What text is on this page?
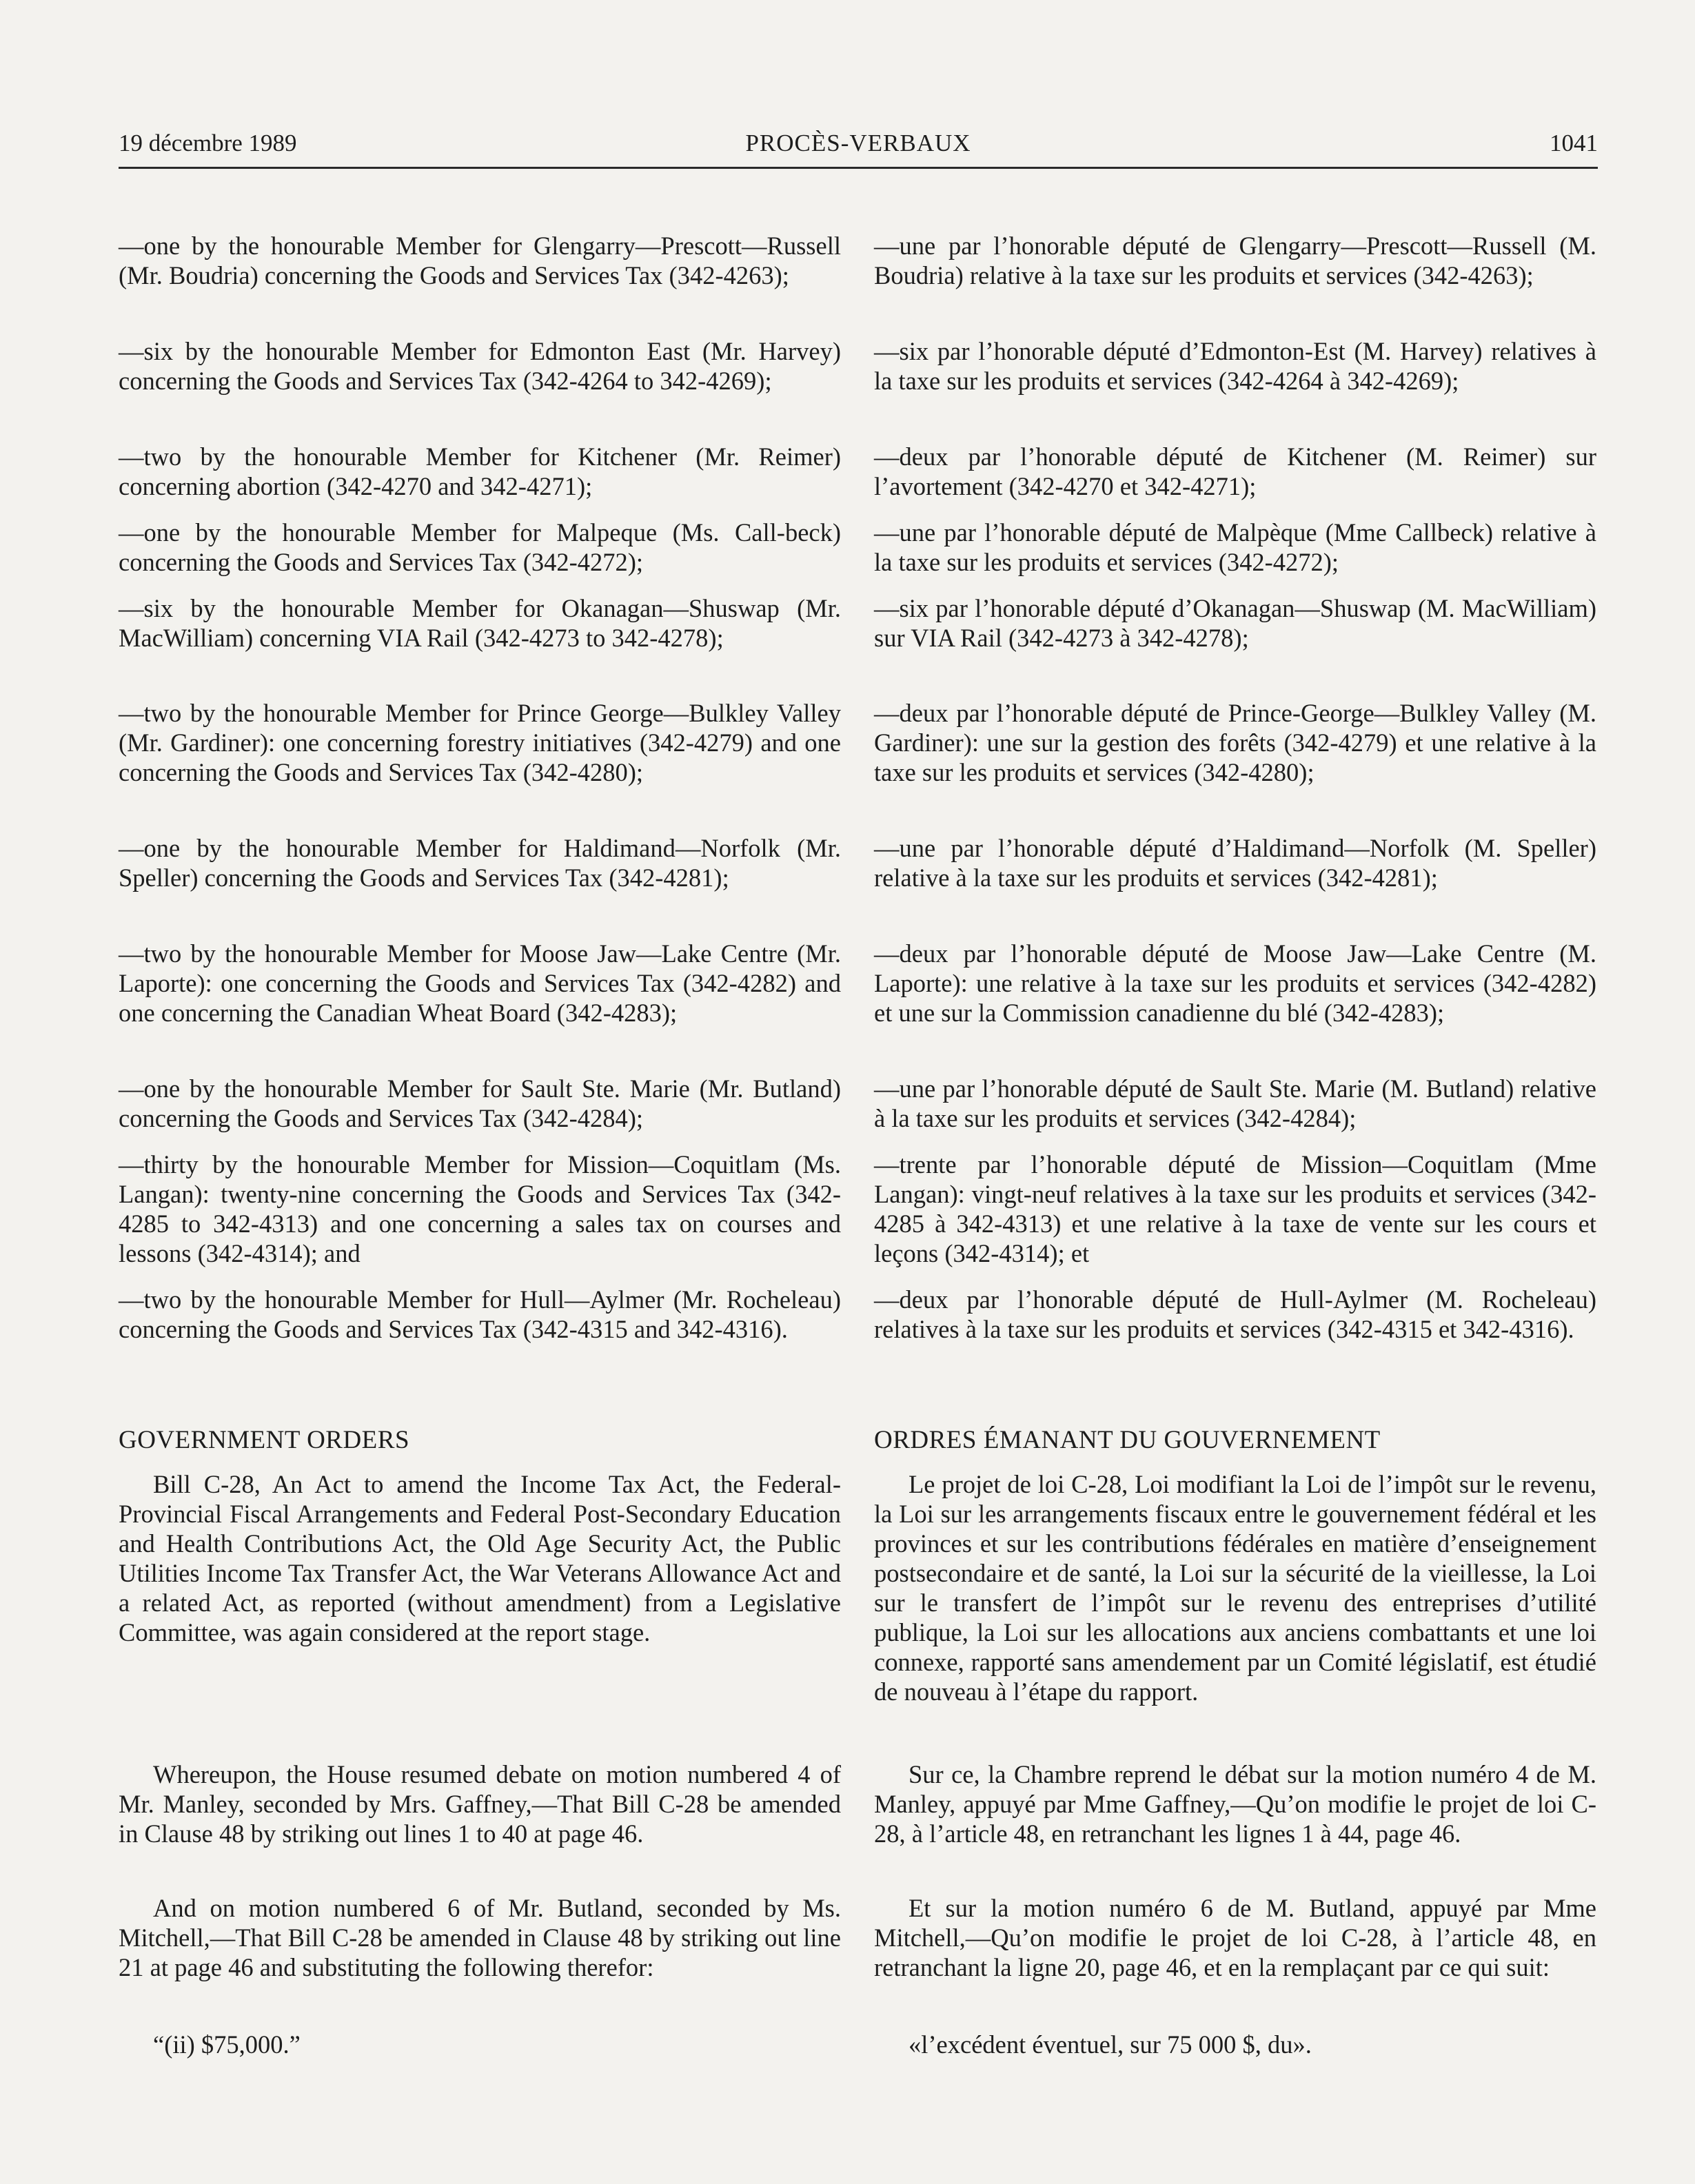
19 décembre 1989	PROCÈS-VERBAUX	1041

—one by the honourable Member for Glengarry—Prescott—Russell (Mr. Boudria) concerning the Goods and Services Tax (342-4263);

—six by the honourable Member for Edmonton East (Mr. Harvey) concerning the Goods and Services Tax (342-4264 to 342-4269);

—two by the honourable Member for Kitchener (Mr. Reimer) concerning abortion (342-4270 and 342-4271);

—one by the honourable Member for Malpeque (Ms. Call-beck) concerning the Goods and Services Tax (342-4272);

—six by the honourable Member for Okanagan—Shuswap (Mr. MacWilliam) concerning VIA Rail (342-4273 to 342-4278);

—two by the honourable Member for Prince George—Bulkley Valley (Mr. Gardiner): one concerning forestry initiatives (342-4279) and one concerning the Goods and Services Tax (342-4280);

—one by the honourable Member for Haldimand—Norfolk (Mr. Speller) concerning the Goods and Services Tax (342-4281);

—two by the honourable Member for Moose Jaw—Lake Centre (Mr. Laporte): one concerning the Goods and Services Tax (342-4282) and one concerning the Canadian Wheat Board (342-4283);

—one by the honourable Member for Sault Ste. Marie (Mr. Butland) concerning the Goods and Services Tax (342-4284);

—thirty by the honourable Member for Mission—Coquitlam (Ms. Langan): twenty-nine concerning the Goods and Services Tax (342-4285 to 342-4313) and one concerning a sales tax on courses and lessons (342-4314); and

—two by the honourable Member for Hull—Aylmer (Mr. Rocheleau) concerning the Goods and Services Tax (342-4315 and 342-4316).

GOVERNMENT ORDERS

Bill C-28, An Act to amend the Income Tax Act, the Federal-Provincial Fiscal Arrangements and Federal Post-Secondary Education and Health Contributions Act, the Old Age Security Act, the Public Utilities Income Tax Transfer Act, the War Veterans Allowance Act and a related Act, as reported (without amendment) from a Legislative Committee, was again considered at the report stage.

Whereupon, the House resumed debate on motion numbered 4 of Mr. Manley, seconded by Mrs. Gaffney,—That Bill C-28 be amended in Clause 48 by striking out lines 1 to 40 at page 46.

And on motion numbered 6 of Mr. Butland, seconded by Ms. Mitchell,—That Bill C-28 be amended in Clause 48 by striking out line 21 at page 46 and substituting the following therefor:

“(ii) $75,000.”

—une par l’honorable député de Glengarry—Prescott—Russell (M. Boudria) relative à la taxe sur les produits et services (342-4263);

—six par l’honorable député d’Edmonton-Est (M. Harvey) relatives à la taxe sur les produits et services (342-4264 à 342-4269);

—deux par l’honorable député de Kitchener (M. Reimer) sur l’avortement (342-4270 et 342-4271);

—une par l’honorable député de Malpèque (Mme Callbeck) relative à la taxe sur les produits et services (342-4272);

—six par l’honorable député d’Okanagan—Shuswap (M. MacWilliam) sur VIA Rail (342-4273 à 342-4278);

—deux par l’honorable député de Prince-George—Bulkley Valley (M. Gardiner): une sur la gestion des forêts (342-4279) et une relative à la taxe sur les produits et services (342-4280);

—une par l’honorable député d’Haldimand—Norfolk (M. Speller) relative à la taxe sur les produits et services (342-4281);

—deux par l’honorable député de Moose Jaw—Lake Centre (M. Laporte): une relative à la taxe sur les produits et services (342-4282) et une sur la Commission canadienne du blé (342-4283);

—une par l’honorable député de Sault Ste. Marie (M. Butland) relative à la taxe sur les produits et services (342-4284);

—trente par l’honorable député de Mission—Coquitlam (Mme Langan): vingt-neuf relatives à la taxe sur les produits et services (342-4285 à 342-4313) et une relative à la taxe de vente sur les cours et leçons (342-4314); et

—deux par l’honorable député de Hull-Aylmer (M. Rocheleau) relatives à la taxe sur les produits et services (342-4315 et 342-4316).

ORDRES ÉMANANT DU GOUVERNEMENT

Le projet de loi C-28, Loi modifiant la Loi de l’impôt sur le revenu, la Loi sur les arrangements fiscaux entre le gouvernement fédéral et les provinces et sur les contributions fédérales en matière d’enseignement postsecondaire et de santé, la Loi sur la sécurité de la vieillesse, la Loi sur le transfert de l’impôt sur le revenu des entreprises d’utilité publique, la Loi sur les allocations aux anciens combattants et une loi connexe, rapporté sans amendement par un Comité législatif, est étudié de nouveau à l’étape du rapport.

Sur ce, la Chambre reprend le débat sur la motion numéro 4 de M. Manley, appuyé par Mme Gaffney,—Qu’on modifie le projet de loi C-28, à l’article 48, en retranchant les lignes 1 à 44, page 46.

Et sur la motion numéro 6 de M. Butland, appuyé par Mme Mitchell,—Qu’on modifie le projet de loi C-28, à l’article 48, en retranchant la ligne 20, page 46, et en la remplaçant par ce qui suit:

«l’excédent éventuel, sur 75 000 $, du».
